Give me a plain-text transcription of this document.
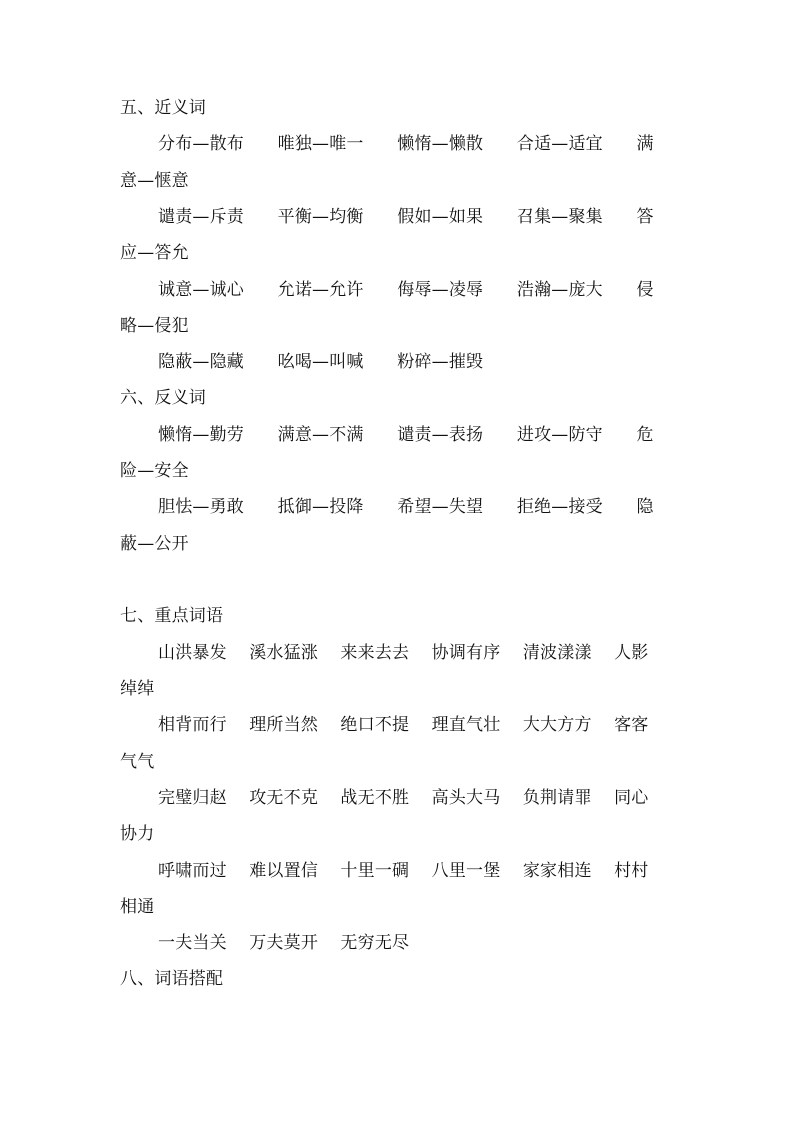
五、近义词
分布—散布      唯独—唯一      懒惰—懒散      合适—适宜      满
意—惬意
谴责—斥责      平衡—均衡      假如—如果      召集—聚集      答
应—答允
诚意—诚心      允诺—允许      侮辱—凌辱      浩瀚—庞大      侵
略—侵犯
隐蔽—隐藏      吆喝—叫喊      粉碎—摧毁
六、反义词
懒惰—勤劳      满意—不满      谴责—表扬      进攻—防守      危
险—安全
胆怯—勇敢      抵御—投降      希望—失望      拒绝—接受      隐
蔽—公开
七、重点词语
山洪暴发    溪水猛涨    来来去去    协调有序    清波漾漾    人影
绰绰
相背而行    理所当然    绝口不提    理直气壮    大大方方    客客
气气
完璧归赵    攻无不克    战无不胜    高头大马    负荆请罪    同心
协力
呼啸而过    难以置信    十里一碉    八里一堡    家家相连    村村
相通
一夫当关    万夫莫开    无穷无尽
八、词语搭配
